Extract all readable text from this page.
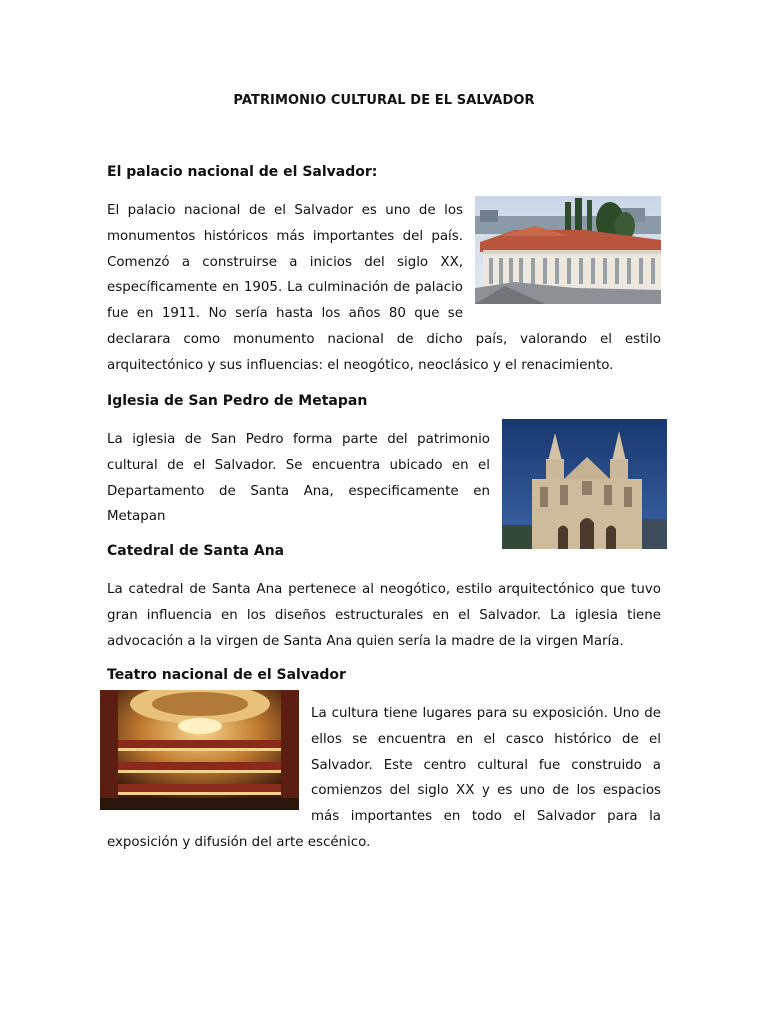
PATRIMONIO CULTURAL DE EL SALVADOR
El palacio nacional de el Salvador:

El palacio nacional de el Salvador es uno de los monumentos históricos más importantes del país. Comenzó a construirse a inicios del siglo XX, específicamente en 1905. La culminación de palacio fue en 1911. No sería hasta los años 80 que se declarara como monumento nacional de dicho país, valorando el estilo arquitectónico y sus influencias: el neogótico, neoclásico y el renacimiento.

Iglesia de San Pedro de Metapan

La iglesia de San Pedro forma parte del patrimonio cultural de el Salvador. Se encuentra ubicado en el Departamento de Santa Ana, especificamente en Metapan

Catedral de Santa Ana

La catedral de Santa Ana pertenece al neogótico, estilo arquitectónico que tuvo gran influencia en los diseños estructurales en el Salvador. La iglesia tiene advocación a la virgen de Santa Ana quien sería la madre de la virgen María.

Teatro nacional de el Salvador

La cultura tiene lugares para su exposición. Uno de ellos se encuentra en el casco histórico de el Salvador. Este centro cultural fue construido a comienzos del siglo XX y es uno de los espacios más importantes en todo el Salvador para la exposición y difusión del arte escénico.
